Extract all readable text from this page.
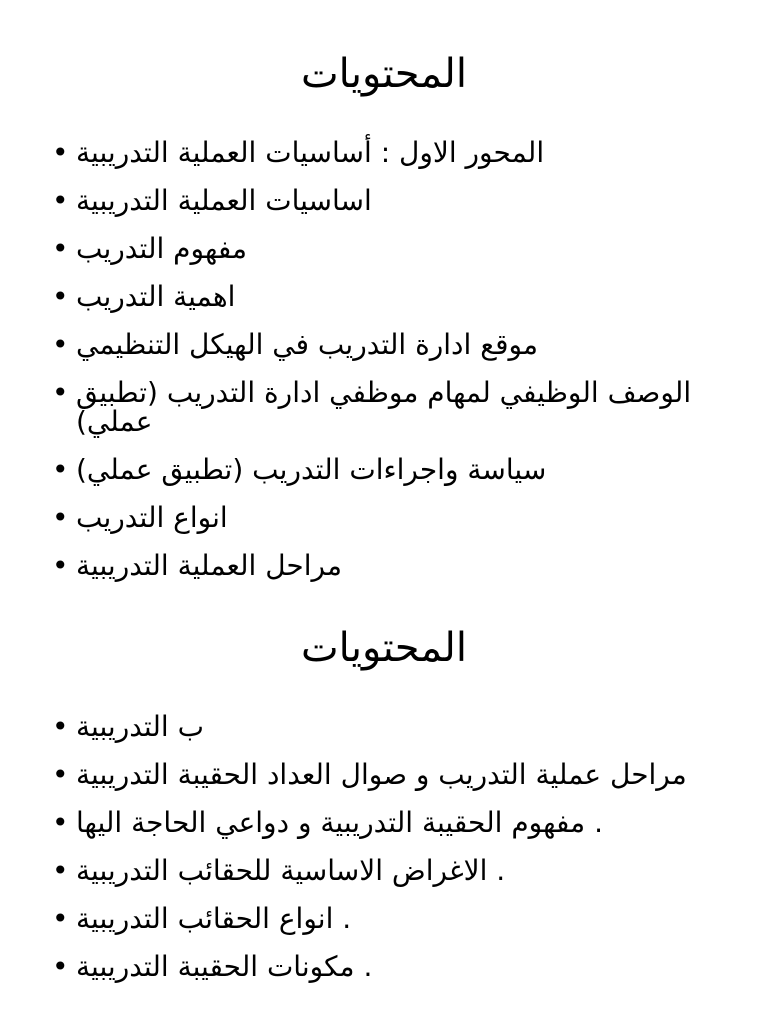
المحتويات
• المحور الاول : أساسيات العملية التدريبية
• اساسيات العملية التدريبية
• مفهوم التدريب
• اهمية التدريب
• موقع ادارة التدريب في الهيكل التنظيمي
• الوصف الوظيفي لمهام موظفي ادارة التدريب (تطبيق عملي)
• سياسة واجراءات التدريب (تطبيق عملي)
• انواع التدريب
• مراحل العملية التدريبية
المحتويات
• ب التدريبية
• مراحل عملية التدريب و صوال العداد الحقيبة التدريبية
• . مفهوم الحقيبة التدريبية و دواعي الحاجة اليها
• . الاغراض الاساسية للحقائب التدريبية
• . انواع الحقائب التدريبية
• . مكونات الحقيبة التدريبية
